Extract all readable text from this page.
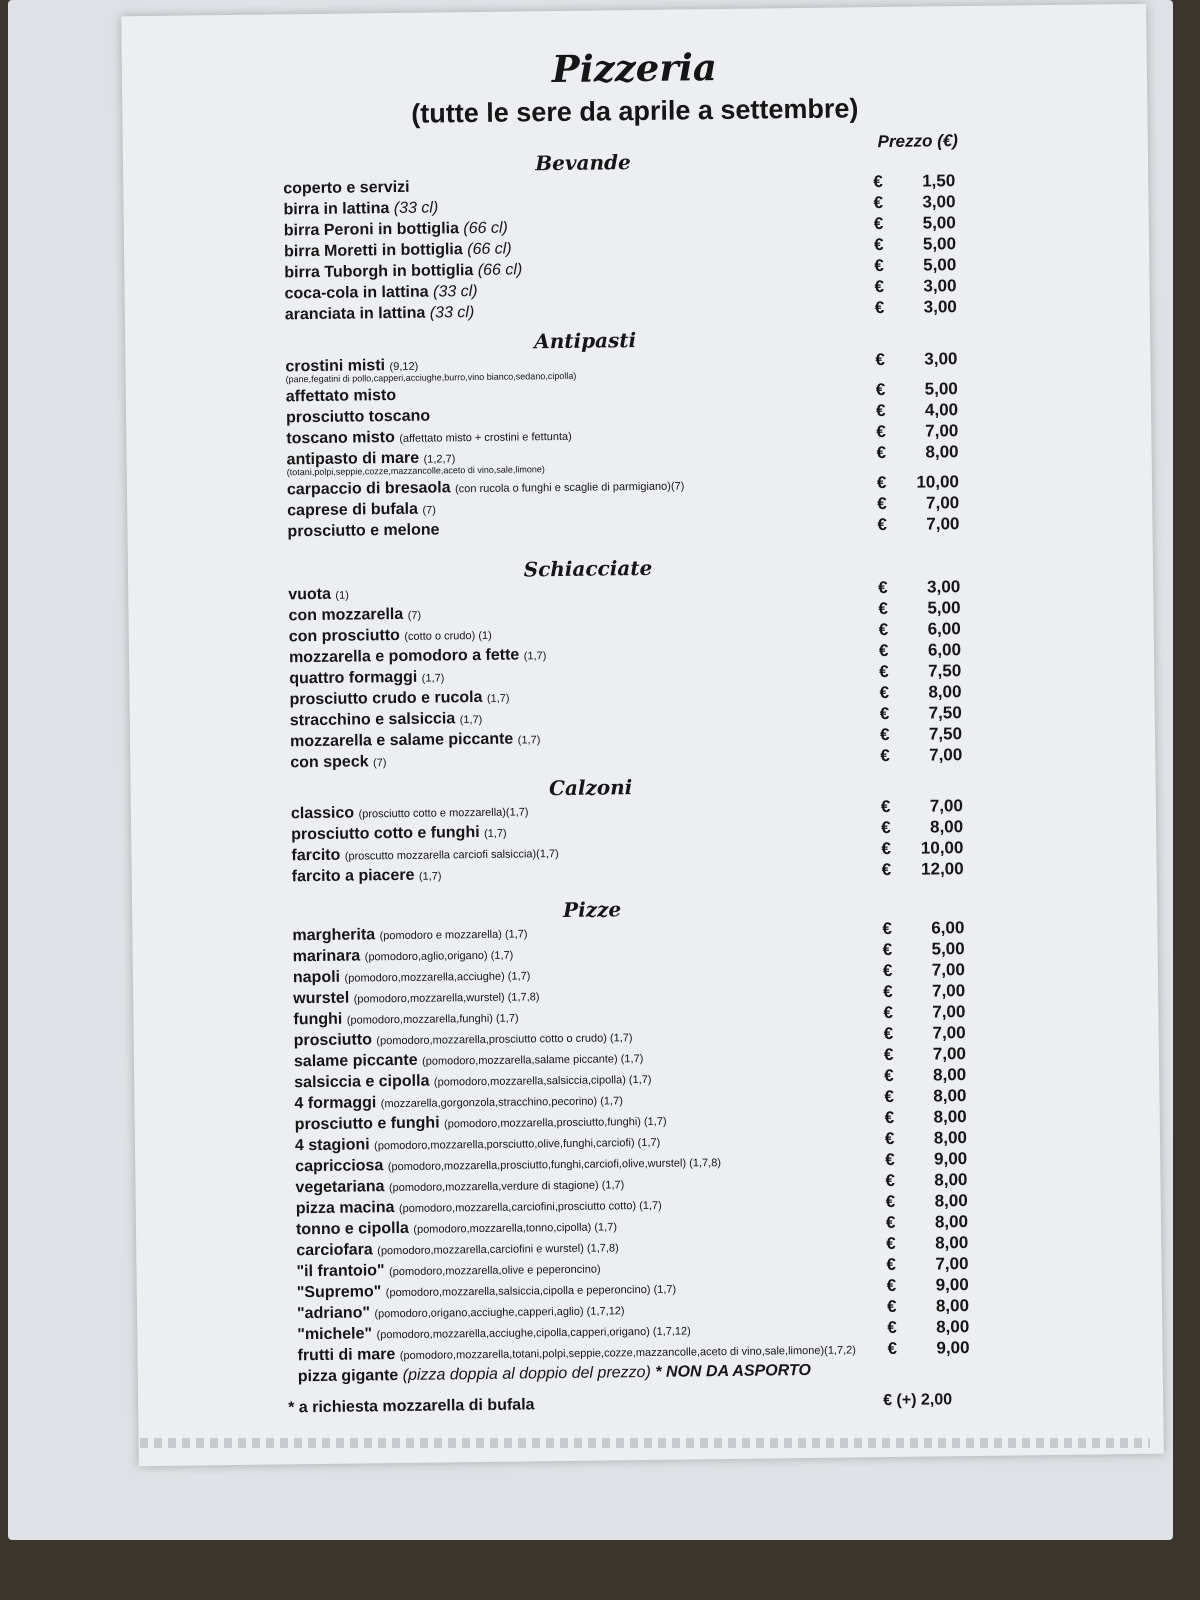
Pizzeria
(tutte le sere da aprile a settembre)
Prezzo (€)
Bevande
coperto e servizi	€ 1,50
birra in lattina (33 cl)	€ 3,00
birra Peroni in bottiglia (66 cl)	€ 5,00
birra Moretti in bottiglia (66 cl)	€ 5,00
birra Tuborgh in bottiglia (66 cl)	€ 5,00
coca-cola in lattina (33 cl)	€ 3,00
aranciata in lattina (33 cl)	€ 3,00
Antipasti
crostini misti (9,12)
(pane,fegatini di pollo,capperi,acciughe,burro,vino bianco,sedano,cipolla)
€ 3,00
affettato misto	€ 5,00
prosciutto toscano	€ 4,00
toscano misto (affettato misto + crostini e fettunta)	€ 7,00
antipasto di mare (1,2,7)
(totani,polpi,seppie,cozze,mazzancolle,aceto di vino,sale,limone)
€ 8,00
carpaccio di bresaola (con rucola o funghi e scaglie di parmigiano)(7)	€ 10,00
caprese di bufala (7)	€ 7,00
prosciutto e melone	€ 7,00
Schiacciate
vuota (1)	€ 3,00
con mozzarella (7)	€ 5,00
con prosciutto (cotto o crudo) (1)	€ 6,00
mozzarella e pomodoro a fette (1,7)	€ 6,00
quattro formaggi (1,7)	€ 7,50
prosciutto crudo e rucola (1,7)	€ 8,00
stracchino e salsiccia (1,7)	€ 7,50
mozzarella e salame piccante (1,7)	€ 7,50
con speck (7)	€ 7,00
Calzoni
classico (prosciutto cotto e mozzarella)(1,7)	€ 7,00
prosciutto cotto e funghi (1,7)	€ 8,00
farcito (proscutto mozzarella carciofi salsiccia)(1,7)	€ 10,00
farcito a piacere (1,7)	€ 12,00
Pizze
margherita (pomodoro e mozzarella) (1,7)	€ 6,00
marinara (pomodoro,aglio,origano) (1,7)	€ 5,00
napoli (pomodoro,mozzarella,acciughe) (1,7)	€ 7,00
wurstel (pomodoro,mozzarella,wurstel) (1,7,8)	€ 7,00
funghi (pomodoro,mozzarella,funghi) (1,7)	€ 7,00
prosciutto (pomodoro,mozzarella,prosciutto cotto o crudo) (1,7)	€ 7,00
salame piccante (pomodoro,mozzarella,salame piccante) (1,7)	€ 7,00
salsiccia e cipolla (pomodoro,mozzarella,salsiccia,cipolla) (1,7)	€ 8,00
4 formaggi (mozzarella,gorgonzola,stracchino,pecorino) (1,7)	€ 8,00
prosciutto e funghi (pomodoro,mozzarella,prosciutto,funghi) (1,7)	€ 8,00
4 stagioni (pomodoro,mozzarella,porsciutto,olive,funghi,carciofi) (1,7)	€ 8,00
capricciosa (pomodoro,mozzarella,prosciutto,funghi,carciofi,olive,wurstel) (1,7,8)	€ 9,00
vegetariana (pomodoro,mozzarella,verdure di stagione) (1,7)	€ 8,00
pizza macina (pomodoro,mozzarella,carciofini,prosciutto cotto) (1,7)	€ 8,00
tonno e cipolla (pomodoro,mozzarella,tonno,cipolla) (1,7)	€ 8,00
carciofara (pomodoro,mozzarella,carciofini e wurstel) (1,7,8)	€ 8,00
"il frantoio" (pomodoro,mozzarella,olive e peperoncino)	€ 7,00
"Supremo" (pomodoro,mozzarella,salsiccia,cipolla e peperoncino) (1,7)	€ 9,00
"adriano" (pomodoro,origano,acciughe,capperi,aglio) (1,7,12)	€ 8,00
"michele" (pomodoro,mozzarella,acciughe,cipolla,capperi,origano) (1,7,12)	€ 8,00
frutti di mare (pomodoro,mozzarella,totani,polpi,seppie,cozze,mazzancolle,aceto di vino,sale,limone)(1,7,2) € 9,00
pizza gigante (pizza doppia al doppio del prezzo) * NON DA ASPORTO
* a richiesta mozzarella di bufala	€ (+) 2,00
